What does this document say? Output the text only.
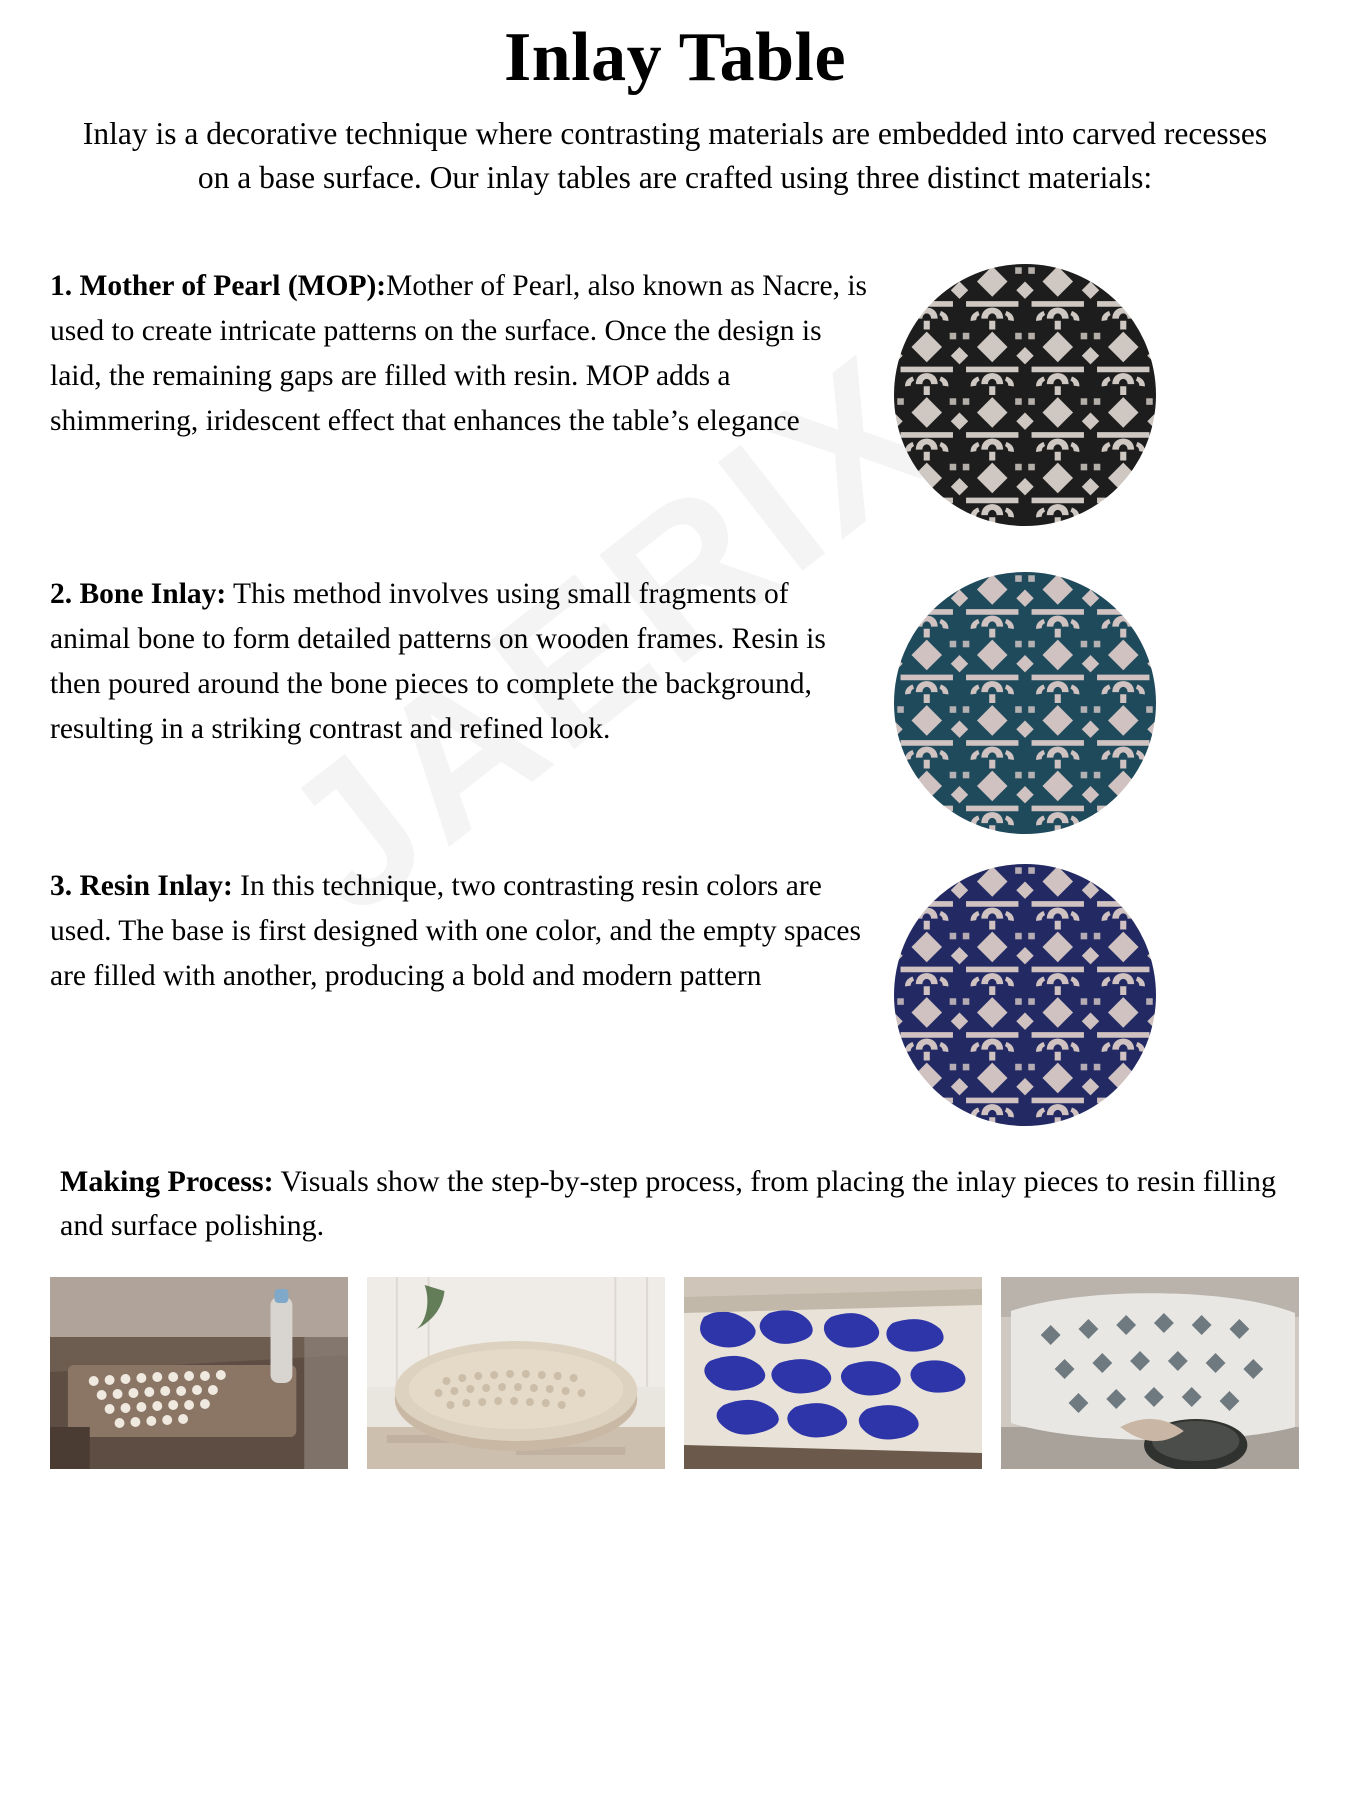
Inlay Table

Inlay is a decorative technique where contrasting materials are embedded into carved recesses on a base surface. Our inlay tables are crafted using three distinct materials:

1. Mother of Pearl (MOP):Mother of Pearl, also known as Nacre, is used to create intricate patterns on the surface. Once the design is laid, the remaining gaps are filled with resin. MOP adds a shimmering, iridescent effect that enhances the table’s elegance
2. Bone Inlay: This method involves using small fragments of animal bone to form detailed patterns on wooden frames. Resin is then poured around the bone pieces to complete the background, resulting in a striking contrast and refined look.
3. Resin Inlay: In this technique, two contrasting resin colors are used. The base is first designed with one color, and the empty spaces are filled with another, producing a bold and modern pattern

Making Process: Visuals show the step-by-step process, from placing the inlay pieces to resin filling and surface polishing.
